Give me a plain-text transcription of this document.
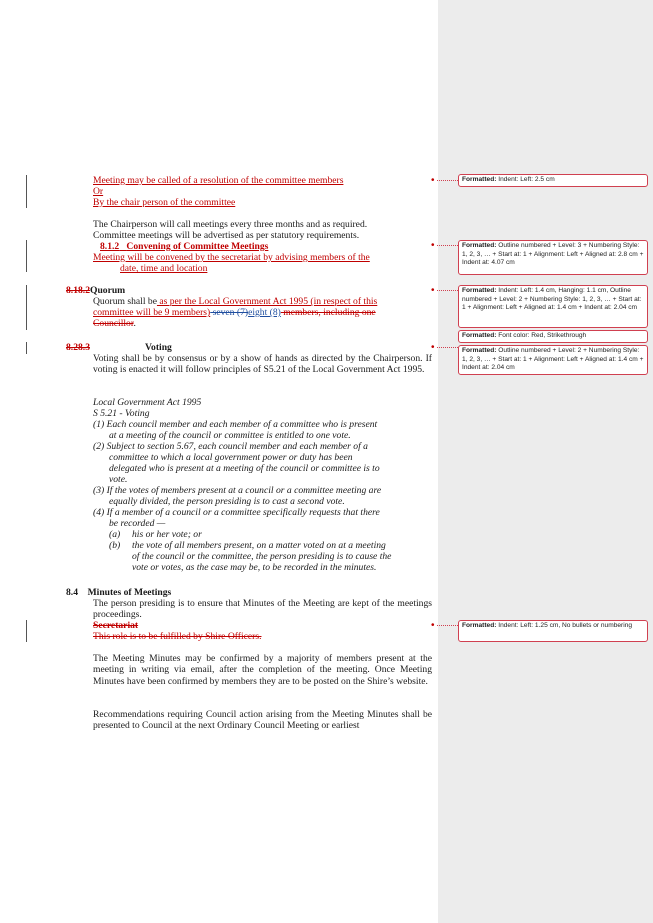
•
•
•
•
•
Meeting may be called of a resolution of the committee members
Or
By the chair person of the committee
The Chairperson will call meetings every three months and as required.
Committee meetings will be advertised as per statutory requirements.
8.1.2 Convening of Committee Meetings
Meeting will be convened by the secretariat by advising members of the
date, time and location
8.18.2Quorum
Quorum shall be as per the Local Government Act 1995 (in respect of this
committee will be 9 members) seven (7)eight (8) members, including one
Councillor.
8.28.3	Voting
Voting shall be by consensus or by a show of hands as directed by the Chairperson. If voting is enacted it will follow principles of S5.21 of the Local Government Act 1995.
Local Government Act 1995
S 5.21 - Voting
(1) Each council member and each member of a committee who is present
at a meeting of the council or committee is entitled to one vote.
(2) Subject to section 5.67, each council member and each member of a
committee to which a local government power or duty has been
delegated who is present at a meeting of the council or committee is to
vote.
(3) If the votes of members present at a council or a committee meeting are
equally divided, the person presiding is to cast a second vote.
(4) If a member of a council or a committee specifically requests that there
be recorded —
(a) his or her vote; or
(b) the vote of all members present, on a matter voted on at a meeting
of the council or the committee, the person presiding is to cause the
vote or votes, as the case may be, to be recorded in the minutes.
8.4 Minutes of Meetings
The person presiding is to ensure that Minutes of the Meeting are kept of the meetings proceedings.
Secretariat
This role is to be fulfilled by Shire Officers.
The Meeting Minutes may be confirmed by a majority of members present at the meeting in writing via email, after the completion of the meeting. Once Meeting Minutes have been confirmed by members they are to be posted on the Shire’s website.
Recommendations requiring Council action arising from the Meeting Minutes shall be presented to Council at the next Ordinary Council Meeting or earliest
Formatted: Indent: Left: 2.5 cm
Formatted: Outline numbered + Level: 3 + Numbering Style: 1, 2, 3, … + Start at: 1 + Alignment: Left + Aligned at: 2.8 cm + Indent at: 4.07 cm
Formatted: Indent: Left: 1.4 cm, Hanging: 1.1 cm, Outline numbered + Level: 2 + Numbering Style: 1, 2, 3, … + Start at: 1 + Alignment: Left + Aligned at: 1.4 cm + Indent at: 2.04 cm
Formatted: Font color: Red, Strikethrough
Formatted: Outline numbered + Level: 2 + Numbering Style: 1, 2, 3, … + Start at: 1 + Alignment: Left + Aligned at: 1.4 cm + Indent at: 2.04 cm
Formatted: Indent: Left: 1.25 cm, No bullets or numbering
